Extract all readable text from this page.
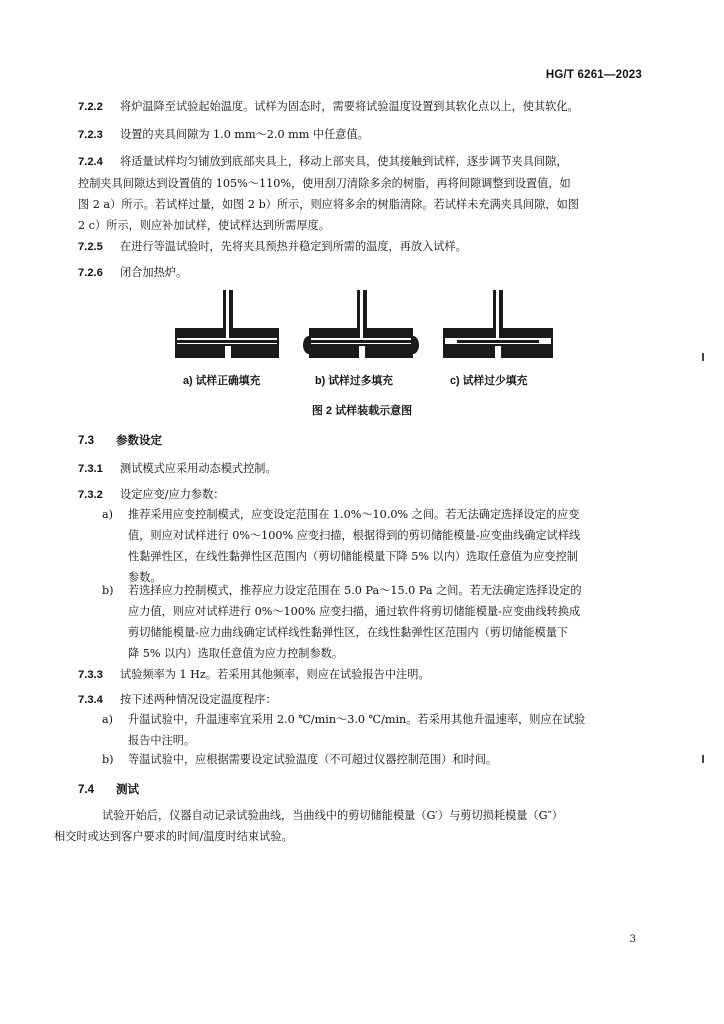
HG/T 6261—2023
7.2.2 将炉温降至试验起始温度。试样为固态时，需要将试验温度设置到其软化点以上，使其软化。
7.2.3 设置的夹具间隙为 1.0 mm～2.0 mm 中任意值。
7.2.4 将适量试样均匀铺放到底部夹具上，移动上部夹具，使其接触到试样，逐步调节夹具间隙，
控制夹具间隙达到设置值的 105%～110%，使用刮刀清除多余的树脂，再将间隙调整到设置值，如
图 2 a）所示。若试样过量，如图 2 b）所示，则应将多余的树脂清除。若试样未充满夹具间隙，如图
2 c）所示，则应补加试样，使试样达到所需厚度。
7.2.5 在进行等温试验时，先将夹具预热并稳定到所需的温度，再放入试样。
7.2.6 闭合加热炉。
a) 试样正确填充	b) 试样过多填充	c) 试样过少填充
图 2 试样装载示意图
7.3 参数设定
7.3.1 测试模式应采用动态模式控制。
7.3.2 设定应变/应力参数：
a) 推荐采用应变控制模式，应变设定范围在 1.0%～10.0% 之间。若无法确定选择设定的应变
值，则应对试样进行 0%～100% 应变扫描，根据得到的剪切储能模量-应变曲线确定试样线
性黏弹性区，在线性黏弹性区范围内（剪切储能模量下降 5% 以内）选取任意值为应变控制
参数。
b) 若选择应力控制模式，推荐应力设定范围在 5.0 Pa～15.0 Pa 之间。若无法确定选择设定的
应力值，则应对试样进行 0%～100% 应变扫描，通过软件将剪切储能模量-应变曲线转换成
剪切储能模量-应力曲线确定试样线性黏弹性区，在线性黏弹性区范围内（剪切储能模量下
降 5% 以内）选取任意值为应力控制参数。
7.3.3 试验频率为 1 Hz。若采用其他频率，则应在试验报告中注明。
7.3.4 按下述两种情况设定温度程序：
a) 升温试验中，升温速率宜采用 2.0 ℃/min～3.0 ℃/min。若采用其他升温速率，则应在试验
报告中注明。
b) 等温试验中，应根据需要设定试验温度（不可超过仪器控制范围）和时间。
7.4 测试
试验开始后，仪器自动记录试验曲线，当曲线中的剪切储能模量（G′）与剪切损耗模量（G″）
相交时或达到客户要求的时间/温度时结束试验。
3
